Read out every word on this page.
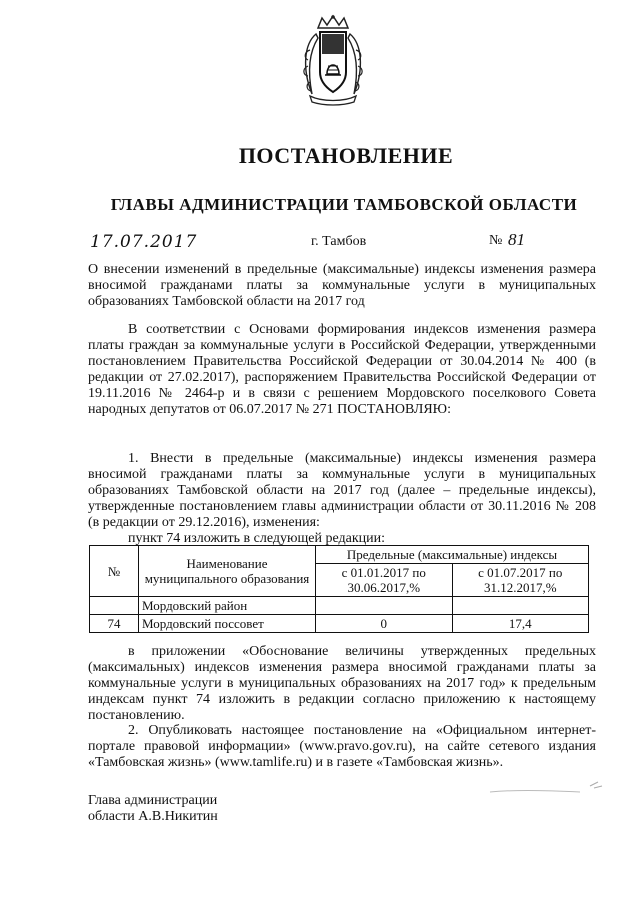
ПОСТАНОВЛЕНИЕ
ГЛАВЫ АДМИНИСТРАЦИИ ТАМБОВСКОЙ ОБЛАСТИ
17.07.2017	г. Тамбов	№ 81
О внесении изменений в предельные (максимальные) индексы изменения размера вносимой гражданами платы за коммунальные услуги в муниципальных образованиях Тамбовской области на 2017 год
В соответствии с Основами формирования индексов изменения размера платы граждан за коммунальные услуги в Российской Федерации, утвержденными постановлением Правительства Российской Федерации от 30.04.2014 № 400 (в редакции от 27.02.2017), распоряжением Правительства Российской Федерации от 19.11.2016 № 2464-р и в связи с решением Мордовского поселкового Совета народных депутатов от 06.07.2017 № 271 ПОСТАНОВЛЯЮ:
1. Внести в предельные (максимальные) индексы изменения размера вносимой гражданами платы за коммунальные услуги в муниципальных образованиях Тамбовской области на 2017 год (далее – предельные индексы), утвержденные постановлением главы администрации области от 30.11.2016 № 208 (в редакции от 29.12.2016), изменения:
пункт 74 изложить в следующей редакции:
№	Наименование муниципального образования	Предельные (максимальные) индексы	
		с 01.01.2017 по 30.06.2017,%	с 01.07.2017 по 31.12.2017,%
	Мордовский район		
74	Мордовский поссовет	0	17,4
в приложении «Обоснование величины утвержденных предельных (максимальных) индексов изменения размера вносимой гражданами платы за коммунальные услуги в муниципальных образованиях на 2017 год» к предельным индексам пункт 74 изложить в редакции согласно приложению к настоящему постановлению.
2. Опубликовать настоящее постановление на «Официальном интернет-портале правовой информации» (www.pravo.gov.ru), на сайте сетевого издания «Тамбовская жизнь» (www.tamlife.ru) и в газете «Тамбовская жизнь».
Глава администрации
области А.В.Никитин
